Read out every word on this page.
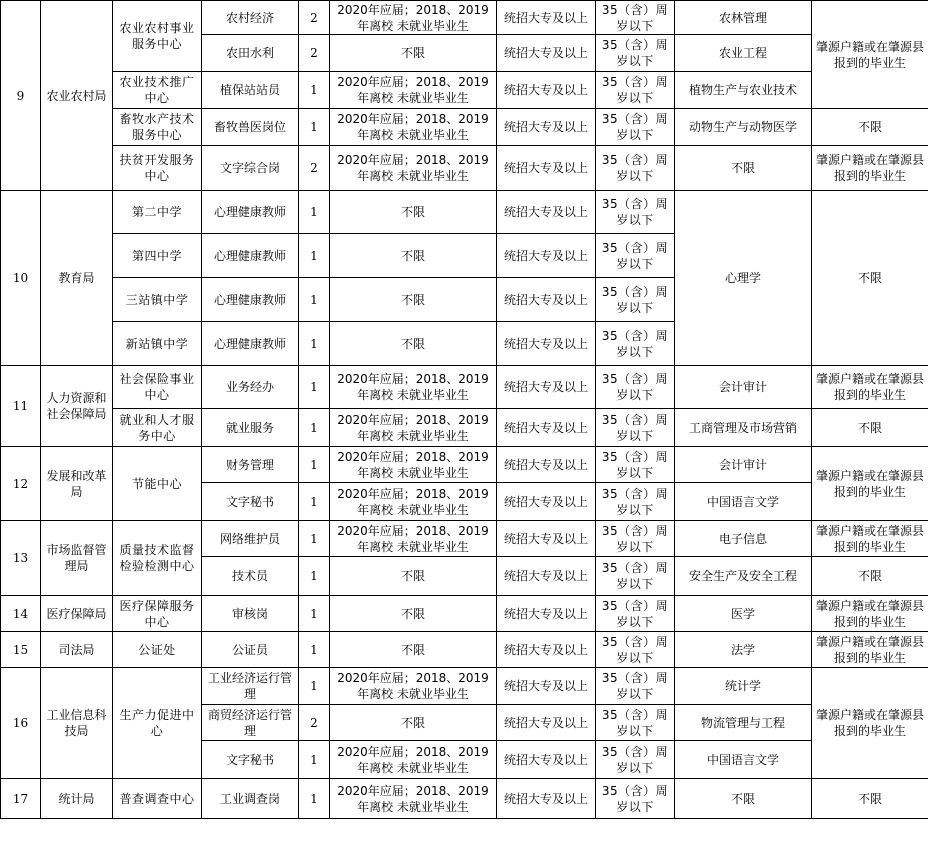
9	农业农村局	农业农村事业服务中心	农村经济	2	2020年应届；2018、2019年离校 未就业毕业生	统招大专及以上	35（含）周岁以下	农林管理	肇源户籍或在肇源县报到的毕业生
			农田水利	2	不限	统招大专及以上	35（含）周岁以下	农业工程	
		农业技术推广中心	植保站站员	1	2020年应届；2018、2019年离校 未就业毕业生	统招大专及以上	35（含）周岁以下	植物生产与农业技术	
		畜牧水产技术服务中心	畜牧兽医岗位	1	2020年应届；2018、2019年离校 未就业毕业生	统招大专及以上	35（含）周岁以下	动物生产与动物医学	不限
		扶贫开发服务中心	文字综合岗	2	2020年应届；2018、2019年离校 未就业毕业生	统招大专及以上	35（含）周岁以下	不限	肇源户籍或在肇源县报到的毕业生
10	教育局	第二中学	心理健康教师	1	不限	统招大专及以上	35（含）周岁以下	心理学	不限
		第四中学	心理健康教师	1	不限	统招大专及以上	35（含）周岁以下		
		三站镇中学	心理健康教师	1	不限	统招大专及以上	35（含）周岁以下		
		新站镇中学	心理健康教师	1	不限	统招大专及以上	35（含）周岁以下		
11	人力资源和社会保障局	社会保险事业中心	业务经办	1	2020年应届；2018、2019年离校 未就业毕业生	统招大专及以上	35（含）周岁以下	会计审计	肇源户籍或在肇源县报到的毕业生
		就业和人才服务中心	就业服务	1	2020年应届；2018、2019年离校 未就业毕业生	统招大专及以上	35（含）周岁以下	工商管理及市场营销	不限
12	发展和改革局	节能中心	财务管理	1	2020年应届；2018、2019年离校 未就业毕业生	统招大专及以上	35（含）周岁以下	会计审计	肇源户籍或在肇源县报到的毕业生
			文字秘书	1	2020年应届；2018、2019年离校 未就业毕业生	统招大专及以上	35（含）周岁以下	中国语言文学	
13	市场监督管理局	质量技术监督检验检测中心	网络维护员	1	2020年应届；2018、2019年离校 未就业毕业生	统招大专及以上	35（含）周岁以下	电子信息	肇源户籍或在肇源县报到的毕业生
			技术员	1	不限	统招大专及以上	35（含）周岁以下	安全生产及安全工程	不限
14	医疗保障局	医疗保障服务中心	审核岗	1	不限	统招大专及以上	35（含）周岁以下	医学	肇源户籍或在肇源县报到的毕业生
15	司法局	公证处	公证员	1	不限	统招大专及以上	35（含）周岁以下	法学	肇源户籍或在肇源县报到的毕业生
16	工业信息科技局	生产力促进中心	工业经济运行管理	1	2020年应届；2018、2019年离校 未就业毕业生	统招大专及以上	35（含）周岁以下	统计学	肇源户籍或在肇源县报到的毕业生
			商贸经济运行管理	2	不限	统招大专及以上	35（含）周岁以下	物流管理与工程	
			文字秘书	1	2020年应届；2018、2019年离校 未就业毕业生	统招大专及以上	35（含）周岁以下	中国语言文学	
17	统计局	普查调查中心	工业调查岗	1	2020年应届；2018、2019年离校 未就业毕业生	统招大专及以上	35（含）周岁以下	不限	不限
